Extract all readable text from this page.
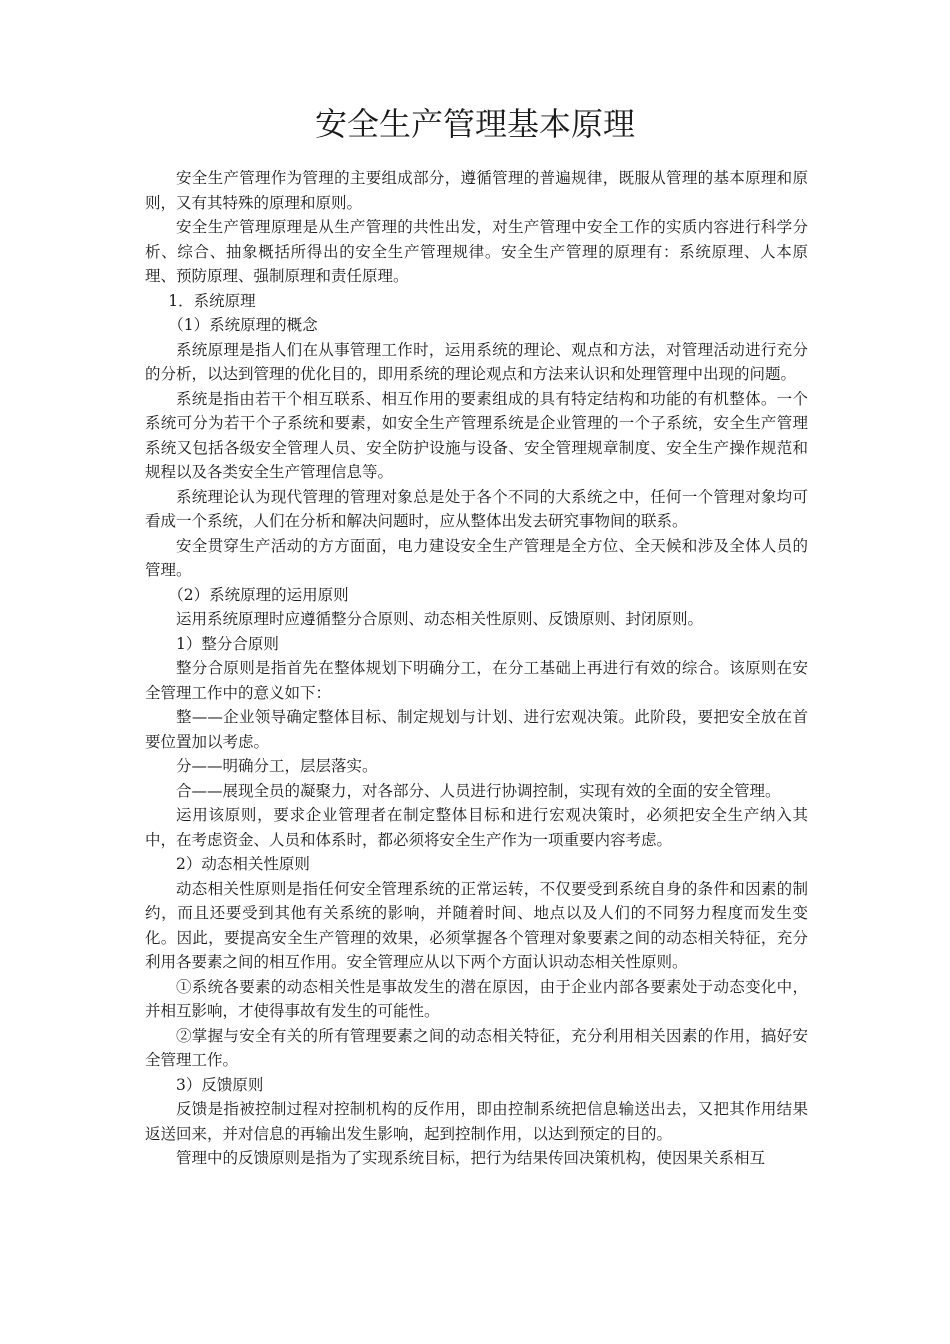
安全生产管理基本原理

安全生产管理作为管理的主要组成部分，遵循管理的普遍规律，既服从管理的基本原理和原则，又有其特殊的原理和原则。

安全生产管理原理是从生产管理的共性出发，对生产管理中安全工作的实质内容进行科学分析、综合、抽象概括所得出的安全生产管理规律。安全生产管理的原理有：系统原理、人本原理、预防原理、强制原理和责任原理。

1．系统原理

（1）系统原理的概念

系统原理是指人们在从事管理工作时，运用系统的理论、观点和方法，对管理活动进行充分的分析，以达到管理的优化目的，即用系统的理论观点和方法来认识和处理管理中出现的问题。

系统是指由若干个相互联系、相互作用的要素组成的具有特定结构和功能的有机整体。一个系统可分为若干个子系统和要素，如安全生产管理系统是企业管理的一个子系统，安全生产管理系统又包括各级安全管理人员、安全防护设施与设备、安全管理规章制度、安全生产操作规范和规程以及各类安全生产管理信息等。

系统理论认为现代管理的管理对象总是处于各个不同的大系统之中，任何一个管理对象均可看成一个系统，人们在分析和解决问题时，应从整体出发去研究事物间的联系。

安全贯穿生产活动的方方面面，电力建设安全生产管理是全方位、全天候和涉及全体人员的管理。

（2）系统原理的运用原则

运用系统原理时应遵循整分合原则、动态相关性原则、反馈原则、封闭原则。

1）整分合原则

整分合原则是指首先在整体规划下明确分工，在分工基础上再进行有效的综合。该原则在安全管理工作中的意义如下：

整——企业领导确定整体目标、制定规划与计划、进行宏观决策。此阶段，要把安全放在首要位置加以考虑。

分——明确分工，层层落实。

合——展现全员的凝聚力，对各部分、人员进行协调控制，实现有效的全面的安全管理。

运用该原则，要求企业管理者在制定整体目标和进行宏观决策时，必须把安全生产纳入其中，在考虑资金、人员和体系时，都必须将安全生产作为一项重要内容考虑。

2）动态相关性原则

动态相关性原则是指任何安全管理系统的正常运转，不仅要受到系统自身的条件和因素的制约，而且还要受到其他有关系统的影响，并随着时间、地点以及人们的不同努力程度而发生变化。因此，要提高安全生产管理的效果，必须掌握各个管理对象要素之间的动态相关特征，充分利用各要素之间的相互作用。安全管理应从以下两个方面认识动态相关性原则。

①系统各要素的动态相关性是事故发生的潜在原因，由于企业内部各要素处于动态变化中，并相互影响，才使得事故有发生的可能性。

②掌握与安全有关的所有管理要素之间的动态相关特征，充分利用相关因素的作用，搞好安全管理工作。

3）反馈原则

反馈是指被控制过程对控制机构的反作用，即由控制系统把信息输送出去，又把其作用结果返送回来，并对信息的再输出发生影响，起到控制作用，以达到预定的目的。

管理中的反馈原则是指为了实现系统目标，把行为结果传回决策机构，使因果关系相互
